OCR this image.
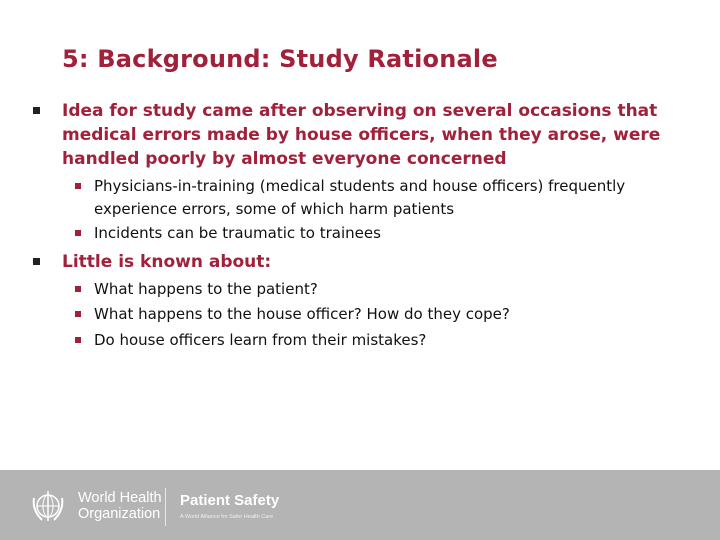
5: Background: Study Rationale
Idea for study came after observing on several occasions that medical errors made by house officers, when they arose, were handled poorly by almost everyone concerned
Physicians-in-training (medical students and house officers) frequently experience errors, some of which harm patients
Incidents can be traumatic to trainees
Little is known about:
What happens to the patient?
What happens to the house officer? How do they cope?
Do house officers learn from their mistakes?
World Health
Organization
Patient Safety
A World Alliance for Safer Health Care
